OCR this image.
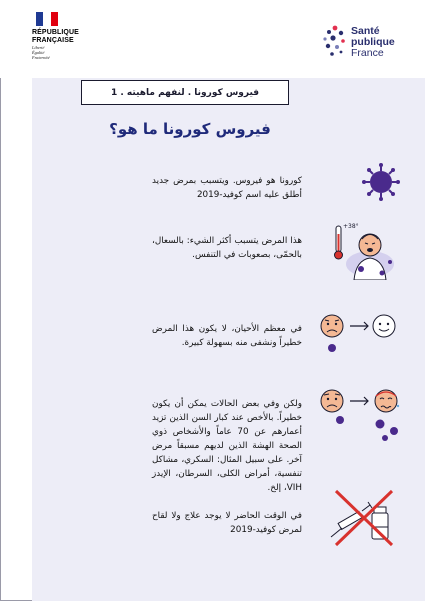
RÉPUBLIQUE
FRANÇAISE
Liberté
Égalité
Fraternité
Santé
publique
France
فيروس كورونا . لنفهم ماهيته . 1
فيروس كورونا ما هو؟
كورونا هو فيروس. ويتسبب بمرض جديد أطلق عليه اسم كوفيد-2019
هذا المرض يتسبب أكثر الشيء: بالسعال، بالحمّى، بصعوبات في التنفس.
+38°
في معظم الأحيان، لا يكون هذا المرض خطيراً ونشفى منه بسهولة كبيرة.
ولكن وفي بعض الحالات يمكن أن يكون خطيراً. بالأخص عند كبار السن الذين تزيد أعمارهم عن 70 عاماً والأشخاص ذوي الصحة الهشة الذين لديهم مسبقاً مرض آخر. على سبيل المثال: السكري، مشاكل تنفسية، أمراض الكلى، السرطان، الإيدز VIH، إلخ.
في الوقت الحاضر لا يوجد علاج ولا لقاح لمرض كوفيد-2019
